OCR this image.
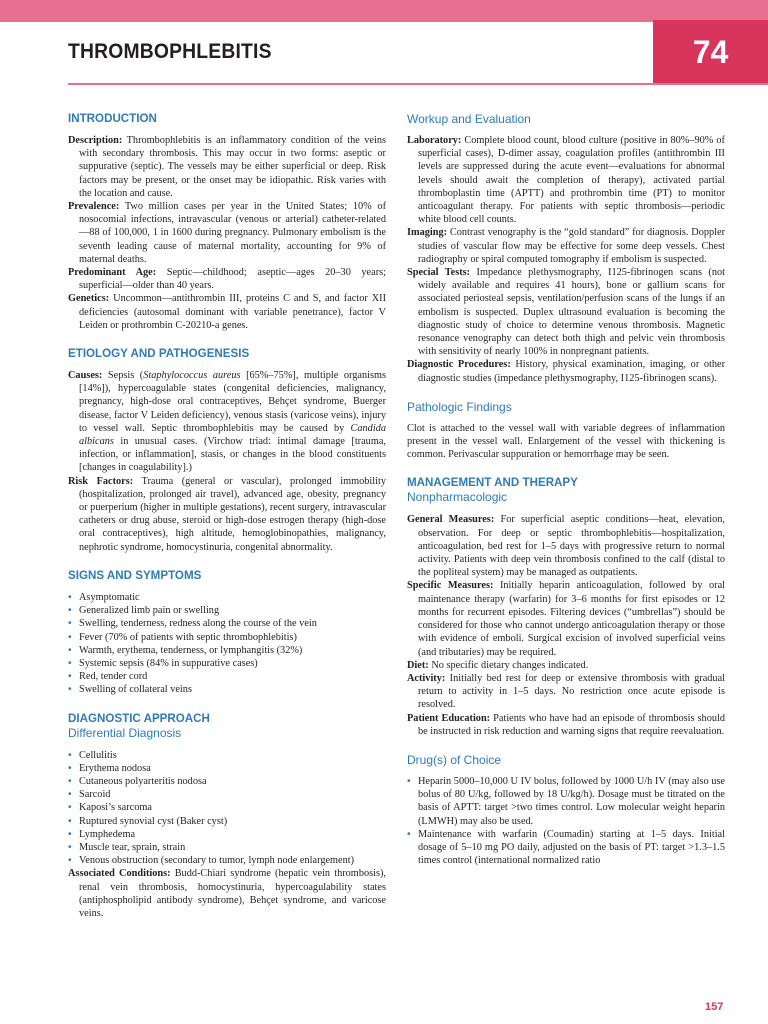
THROMBOPHLEBITIS	74
INTRODUCTION

Description: Thrombophlebitis is an inflammatory condition of the veins with secondary thrombosis. This may occur in two forms: aseptic or suppurative (septic). The vessels may be either superficial or deep. Risk factors may be present, or the onset may be idiopathic. Risk varies with the location and cause.

Prevalence: Two million cases per year in the United States; 10% of nosocomial infections, intravascular (venous or arterial) catheter-related—88 of 100,000, 1 in 1600 during pregnancy. Pulmonary embolism is the seventh leading cause of maternal mortality, accounting for 9% of maternal deaths.

Predominant Age: Septic—childhood; aseptic—ages 20–30 years; superficial—older than 40 years.

Genetics: Uncommon—antithrombin III, proteins C and S, and factor XII deficiencies (autosomal dominant with variable penetrance), factor V Leiden or prothrombin C-20210-a genes.

ETIOLOGY AND PATHOGENESIS

Causes: Sepsis (Staphylococcus aureus [65%–75%], multiple organisms [14%]), hypercoagulable states (congenital deficiencies, malignancy, pregnancy, high-dose oral contraceptives, Behçet syndrome, Buerger disease, factor V Leiden deficiency), venous stasis (varicose veins), injury to vessel wall. Septic thrombophlebitis may be caused by Candida albicans in unusual cases. (Virchow triad: intimal damage [trauma, infection, or inflammation], stasis, or changes in the blood constituents [changes in coagulability].)

Risk Factors: Trauma (general or vascular), prolonged immobility (hospitalization, prolonged air travel), advanced age, obesity, pregnancy or puerperium (higher in multiple gestations), recent surgery, intravascular catheters or drug abuse, steroid or high-dose estrogen therapy (high-dose oral contraceptives), high altitude, hemoglobinopathies, malignancy, nephrotic syndrome, homocystinuria, congenital abnormality.

SIGNS AND SYMPTOMS
• Asymptomatic
• Generalized limb pain or swelling
• Swelling, tenderness, redness along the course of the vein
• Fever (70% of patients with septic thrombophlebitis)
• Warmth, erythema, tenderness, or lymphangitis (32%)
• Systemic sepsis (84% in suppurative cases)
• Red, tender cord
• Swelling of collateral veins
DIAGNOSTIC APPROACH
Differential Diagnosis
• Cellulitis
• Erythema nodosa
• Cutaneous polyarteritis nodosa
• Sarcoid
• Kaposi’s sarcoma
• Ruptured synovial cyst (Baker cyst)
• Lymphedema
• Muscle tear, sprain, strain
• Venous obstruction (secondary to tumor, lymph node enlargement)

Associated Conditions: Budd-Chiari syndrome (hepatic vein thrombosis), renal vein thrombosis, homocystinuria, hypercoagulability states (antiphospholipid antibody syndrome), Behçet syndrome, and varicose veins.

Workup and Evaluation

Laboratory: Complete blood count, blood culture (positive in 80%–90% of superficial cases), D-dimer assay, coagulation profiles (antithrombin III levels are suppressed during the acute event—evaluations for abnormal levels should await the completion of therapy), activated partial thromboplastin time (APTT) and prothrombin time (PT) to monitor anticoagulant therapy. For patients with septic thrombosis—periodic white blood cell counts.

Imaging: Contrast venography is the “gold standard” for diagnosis. Doppler studies of vascular flow may be effective for some deep vessels. Chest radiography or spiral computed tomography if embolism is suspected.

Special Tests: Impedance plethysmography, I125-fibrinogen scans (not widely available and requires 41 hours), bone or gallium scans for associated periosteal sepsis, ventilation/perfusion scans of the lungs if an embolism is suspected. Duplex ultrasound evaluation is becoming the diagnostic study of choice to determine venous thrombosis. Magnetic resonance venography can detect both thigh and pelvic vein thrombosis with sensitivity of nearly 100% in nonpregnant patients.

Diagnostic Procedures: History, physical examination, imaging, or other diagnostic studies (impedance plethysmography, I125-fibrinogen scans).

Pathologic Findings

Clot is attached to the vessel wall with variable degrees of inflammation present in the vessel wall. Enlargement of the vessel with thickening is common. Perivascular suppuration or hemorrhage may be seen.

MANAGEMENT AND THERAPY
Nonpharmacologic

General Measures: For superficial aseptic conditions—heat, elevation, observation. For deep or septic thrombophlebitis—hospitalization, anticoagulation, bed rest for 1–5 days with progressive return to normal activity. Patients with deep vein thrombosis confined to the calf (distal to the popliteal system) may be managed as outpatients.

Specific Measures: Initially heparin anticoagulation, followed by oral maintenance therapy (warfarin) for 3–6 months for first episodes or 12 months for recurrent episodes. Filtering devices (“umbrellas”) should be considered for those who cannot undergo anticoagulation therapy or those with evidence of emboli. Surgical excision of involved superficial veins (and tributaries) may be required.

Diet: No specific dietary changes indicated.

Activity: Initially bed rest for deep or extensive thrombosis with gradual return to activity in 1–5 days. No restriction once acute episode is resolved.

Patient Education: Patients who have had an episode of thrombosis should be instructed in risk reduction and warning signs that require reevaluation.

Drug(s) of Choice
• Heparin 5000–10,000 U IV bolus, followed by 1000 U/h IV (may also use bolus of 80 U/kg, followed by 18 U/kg/h). Dosage must be titrated on the basis of APTT: target >two times control. Low molecular weight heparin (LMWH) may also be used.
• Maintenance with warfarin (Coumadin) starting at 1–5 days. Initial dosage of 5–10 mg PO daily, adjusted on the basis of PT: target >1.3–1.5 times control (international normalized ratio
157
